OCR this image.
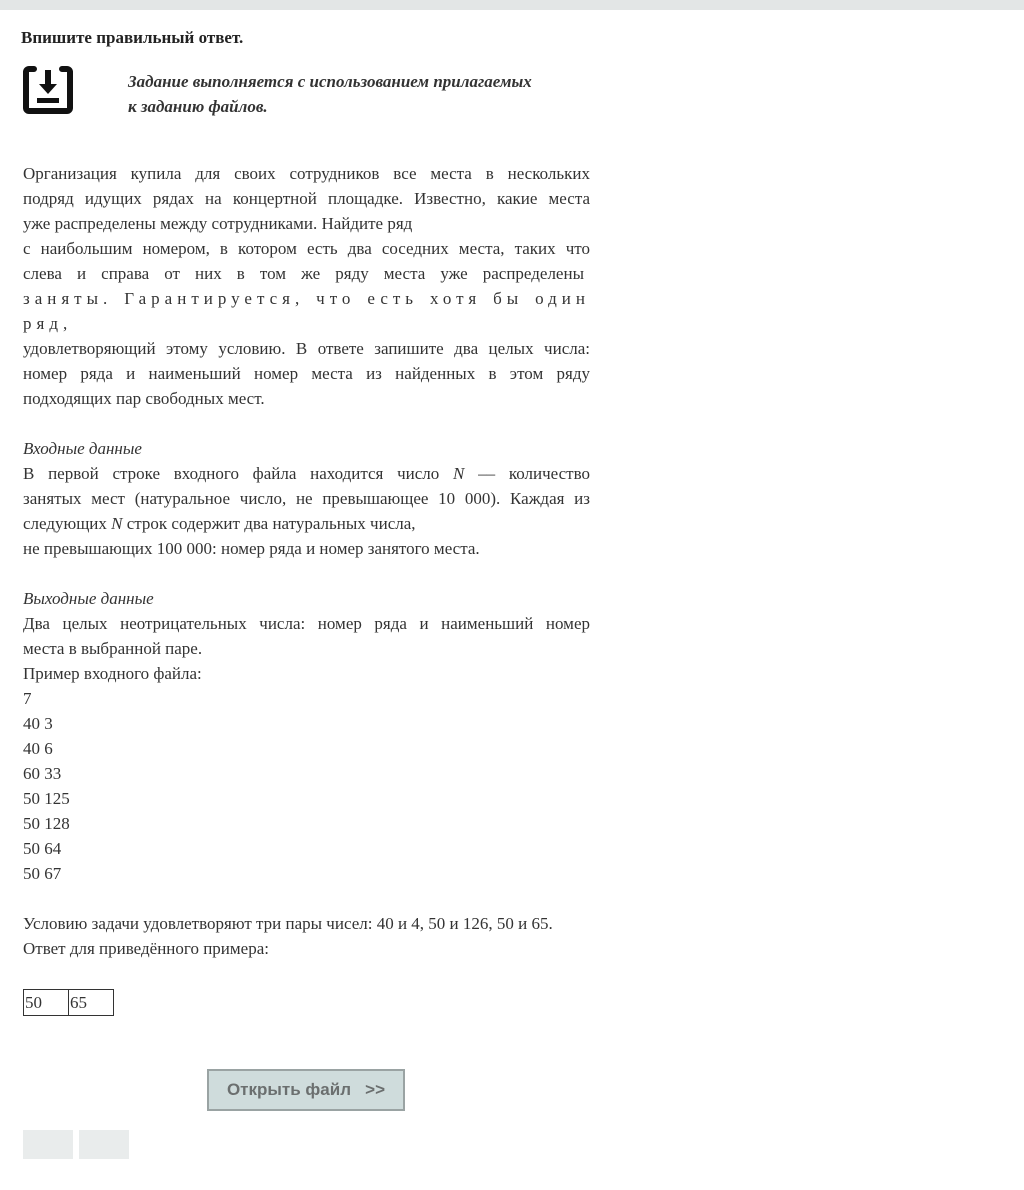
Впишите правильный ответ.

Задание выполняется с использованием прилагаемых
к заданию файлов.

Организация купила для своих сотрудников все места в нескольких

подряд идущих рядах на концертной площадке. Известно, какие места

уже распределены между сотрудниками. Найдите ряд

с наибольшим номером, в котором есть два соседних места, таких что

слева и справа от них в том же ряду места уже распределены

заняты. Гарантируется, что есть хотя бы один ряд,

удовлетворяющий этому условию. В ответе запишите два целых числа:

номер ряда и наименьший номер места из найденных в этом ряду

подходящих пар свободных мест.

Входные данные

В первой строке входного файла находится число N –– количество

занятых мест (натуральное число, не превышающее 10 000). Каждая из

следующих N строк содержит два натуральных числа,

не превышающих 100 000: номер ряда и номер занятого места.

Выходные данные

Два целых неотрицательных числа: номер ряда и наименьший номер

места в выбранной паре.

Пример входного файла:

7

40 3

40 6

60 33

50 125

50 128

50 64

50 67

Условию задачи удовлетворяют три пары чисел: 40 и 4, 50 и 126, 50 и 65.

Ответ для приведённого примера:

50	65
Открыть файл   >>
